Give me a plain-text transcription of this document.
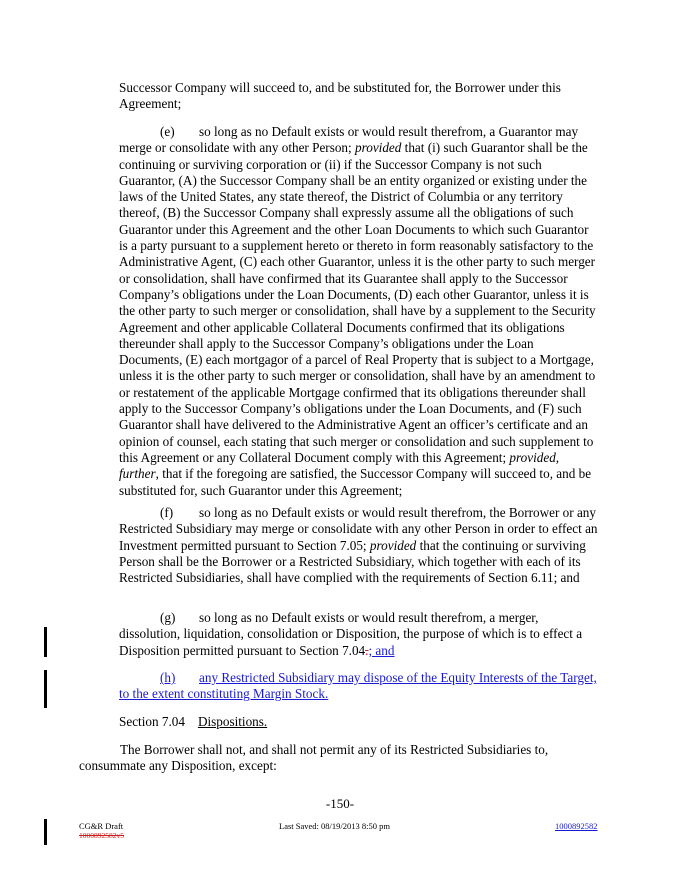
Successor Company will succeed to, and be substituted for, the Borrower under this Agreement;

(e) so long as no Default exists or would result therefrom, a Guarantor may merge or consolidate with any other Person; provided that (i) such Guarantor shall be the continuing or surviving corporation or (ii) if the Successor Company is not such Guarantor, (A) the Successor Company shall be an entity organized or existing under the laws of the United States, any state thereof, the District of Columbia or any territory thereof, (B) the Successor Company shall expressly assume all the obligations of such Guarantor under this Agreement and the other Loan Documents to which such Guarantor is a party pursuant to a supplement hereto or thereto in form reasonably satisfactory to the Administrative Agent, (C) each other Guarantor, unless it is the other party to such merger or consolidation, shall have confirmed that its Guarantee shall apply to the Successor Company’s obligations under the Loan Documents, (D) each other Guarantor, unless it is the other party to such merger or consolidation, shall have by a supplement to the Security Agreement and other applicable Collateral Documents confirmed that its obligations thereunder shall apply to the Successor Company’s obligations under the Loan Documents, (E) each mortgagor of a parcel of Real Property that is subject to a Mortgage, unless it is the other party to such merger or consolidation, shall have by an amendment to or restatement of the applicable Mortgage confirmed that its obligations thereunder shall apply to the Successor Company’s obligations under the Loan Documents, and (F) such Guarantor shall have delivered to the Administrative Agent an officer’s certificate and an opinion of counsel, each stating that such merger or consolidation and such supplement to this Agreement or any Collateral Document comply with this Agreement; provided, further, that if the foregoing are satisfied, the Successor Company will succeed to, and be substituted for, such Guarantor under this Agreement;

(f) so long as no Default exists or would result therefrom, the Borrower or any Restricted Subsidiary may merge or consolidate with any other Person in order to effect an Investment permitted pursuant to Section 7.05; provided that the continuing or surviving Person shall be the Borrower or a Restricted Subsidiary, which together with each of its Restricted Subsidiaries, shall have complied with the requirements of Section 6.11; and

(g) so long as no Default exists or would result therefrom, a merger, dissolution, liquidation, consolidation or Disposition, the purpose of which is to effect a Disposition permitted pursuant to Section 7.04.; and

(h) any Restricted Subsidiary may dispose of the Equity Interests of the Target, to the extent constituting Margin Stock.

Section 7.04 Dispositions.

The Borrower shall not, and shall not permit any of its Restricted Subsidiaries to, consummate any Disposition, except:

-150-
CG&R Draft
1000892582v5
Last Saved: 08/19/2013 8:50 pm	1000892582
